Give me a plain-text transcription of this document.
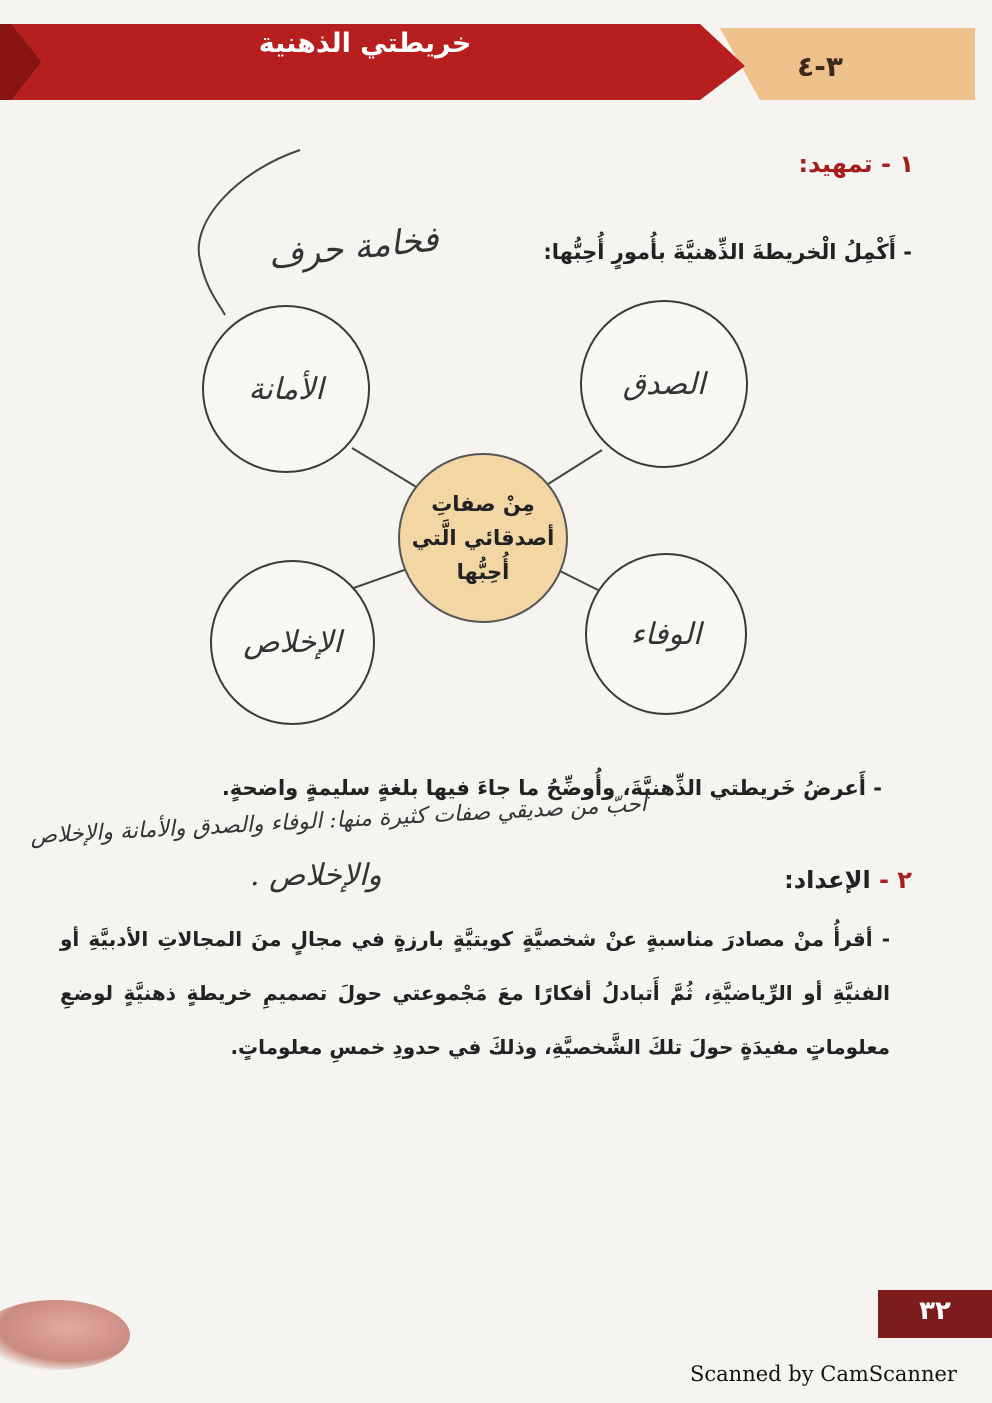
خريطتي الذهنية
٣-٤
١ - تمهيد:
- أَكْمِلُ الْخريطةَ الذِّهنيَّةَ بأُمورٍ أُحِبُّها:
فخامة حرف
الأمانة	الصدق
الإخلاص	الوفاء
مِنْ صفاتِ
أصدقائي الَّتي
أُحِبُّها
- أَعرضُ خَريطتي الذِّهنيَّةَ، وأُوضِّحُ ما جاءَ فيها بلغةٍ سليمةٍ واضحةٍ.
أحبّ من صديقي صفات كثيرة منها: الوفاء والصدق والأمانة والإخلاص
والإخلاص .	٢ - الإعداد:
- أقرأُ منْ مصادرَ مناسبةٍ عنْ شخصيَّةٍ كويتيَّةٍ بارزةٍ في مجالٍ منَ المجالاتِ الأدبيَّةِ أو الفنيَّةِ أو الرِّياضيَّةِ، ثُمَّ أَتبادلُ أفكارًا معَ مَجْموعتي حولَ تصميمِ خريطةٍ ذهنيَّةٍ لوضعِ معلوماتٍ مفيدَةٍ حولَ تلكَ الشَّخصيَّةِ، وذلكَ في حدودِ خمسِ معلوماتٍ.
٣٢
Scanned by CamScanner
